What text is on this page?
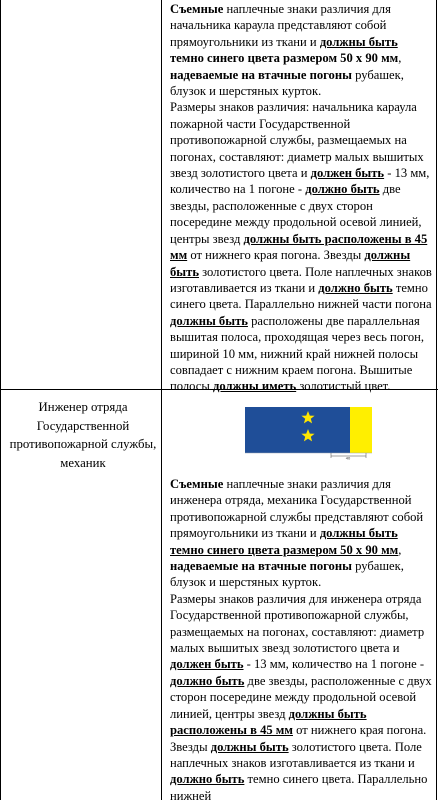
Съемные наплечные знаки различия для начальника караула представляют собой прямоугольники из ткани и должны быть темно синего цвета размером 50 х 90 мм, надеваемые на втачные погоны рубашек, блузок и шерстяных курток.

Размеры знаков различия: начальника караула пожарной части Государственной противопожарной службы, размещаемых на погонах, составляют: диаметр малых вышитых звезд золотистого цвета и должен быть - 13 мм, количество на 1 погоне - должно быть две звезды, расположенные с двух сторон посередине между продольной осевой линией, центры звезд должны быть расположены в 45 мм от нижнего края погона. Звезды должны быть золотистого цвета. Поле наплечных знаков изготавливается из ткани и должно быть темно синего цвета. Параллельно нижней части погона должны быть расположены две параллельная вышитая полоса, проходящая через весь погон, шириной 10 мм, нижний край нижней полосы совпадает с нижним краем погона. Вышитые полосы должны иметь золотистый цвет.

Инженер отряда Государственной противопожарной службы, механик	40

Съемные наплечные знаки различия для инженера отряда, механика Государственной противопожарной службы представляют собой прямоугольники из ткани и должны быть темно синего цвета размером 50 х 90 мм, надеваемые на втачные погоны рубашек, блузок и шерстяных курток.

Размеры знаков различия для инженера отряда Государственной противопожарной службы, размещаемых на погонах, составляют: диаметр малых вышитых звезд золотистого цвета и должен быть - 13 мм, количество на 1 погоне - должно быть две звезды, расположенные с двух сторон посередине между продольной осевой линией, центры звезд должны быть расположены в 45 мм от нижнего края погона. Звезды должны быть золотистого цвета. Поле наплечных знаков изготавливается из ткани и должно быть темно синего цвета. Параллельно нижней
